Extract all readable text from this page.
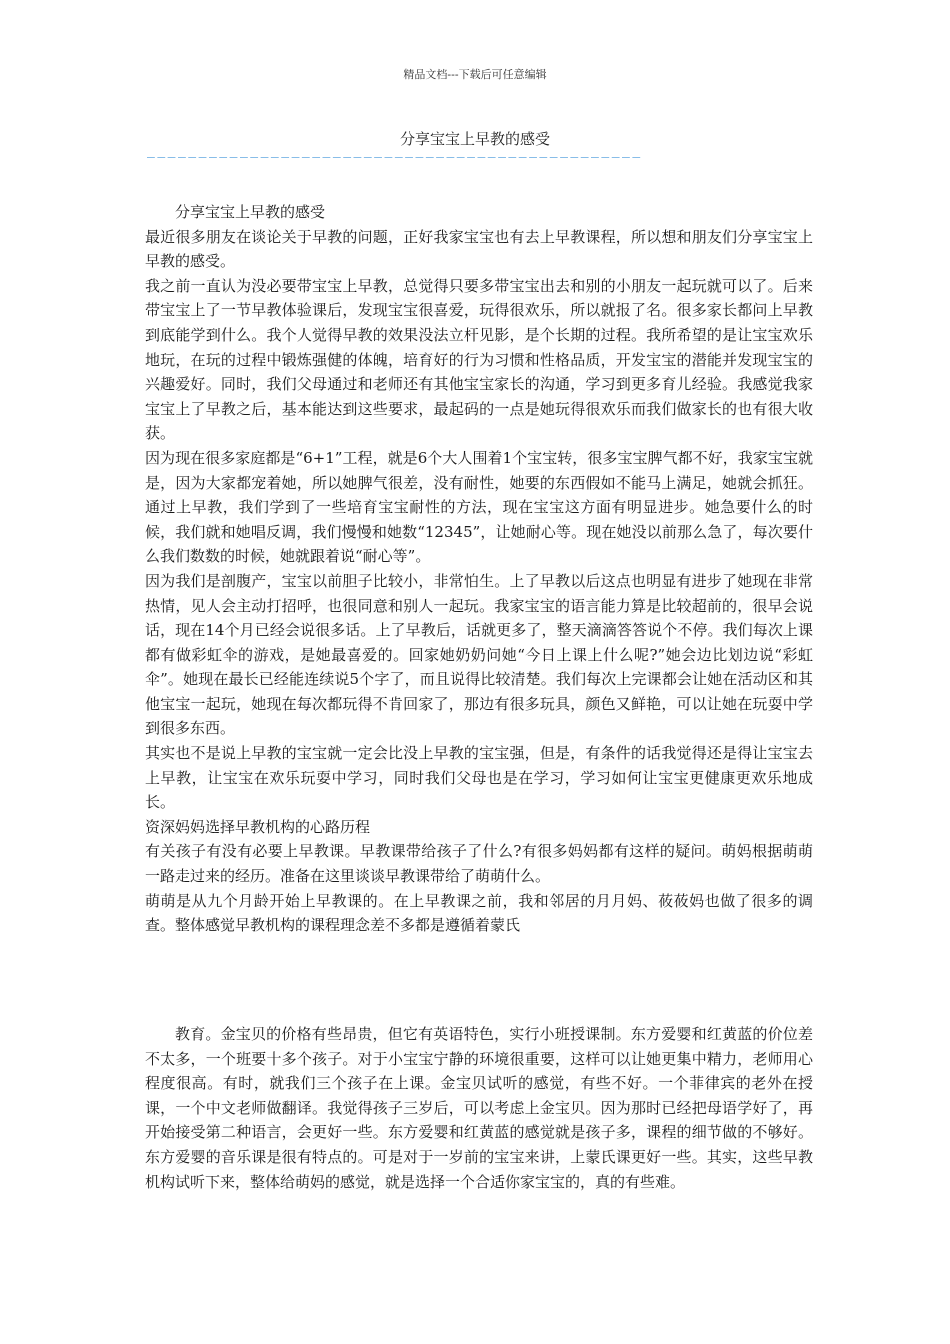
精品文档---下载后可任意编辑
分享宝宝上早教的感受
————————————————————————————————————————————————

分享宝宝上早教的感受

最近很多朋友在谈论关于早教的问题，正好我家宝宝也有去上早教课程，所以想和朋友们分享宝宝上早教的感受。

我之前一直认为没必要带宝宝上早教，总觉得只要多带宝宝出去和别的小朋友一起玩就可以了。后来带宝宝上了一节早教体验课后，发现宝宝很喜爱，玩得很欢乐，所以就报了名。很多家长都问上早教到底能学到什么。我个人觉得早教的效果没法立杆见影，是个长期的过程。我所希望的是让宝宝欢乐地玩，在玩的过程中锻炼强健的体魄，培育好的行为习惯和性格品质，开发宝宝的潜能并发现宝宝的兴趣爱好。同时，我们父母通过和老师还有其他宝宝家长的沟通，学习到更多育儿经验。我感觉我家宝宝上了早教之后，基本能达到这些要求，最起码的一点是她玩得很欢乐而我们做家长的也有很大收获。

因为现在很多家庭都是“6+1”工程，就是6个大人围着1个宝宝转，很多宝宝脾气都不好，我家宝宝就是，因为大家都宠着她，所以她脾气很差，没有耐性，她要的东西假如不能马上满足，她就会抓狂。通过上早教，我们学到了一些培育宝宝耐性的方法，现在宝宝这方面有明显进步。她急要什么的时候，我们就和她唱反调，我们慢慢和她数“12345”，让她耐心等。现在她没以前那么急了，每次要什么我们数数的时候，她就跟着说“耐心等”。

因为我们是剖腹产，宝宝以前胆子比较小，非常怕生。上了早教以后这点也明显有进步了她现在非常热情，见人会主动打招呼，也很同意和别人一起玩。我家宝宝的语言能力算是比较超前的，很早会说话，现在14个月已经会说很多话。上了早教后，话就更多了，整天滴滴答答说个不停。我们每次上课都有做彩虹伞的游戏，是她最喜爱的。回家她奶奶问她“今日上课上什么呢?”她会边比划边说“彩虹伞”。她现在最长已经能连续说5个字了，而且说得比较清楚。我们每次上完课都会让她在活动区和其他宝宝一起玩，她现在每次都玩得不肯回家了，那边有很多玩具，颜色又鲜艳，可以让她在玩耍中学到很多东西。

其实也不是说上早教的宝宝就一定会比没上早教的宝宝强，但是，有条件的话我觉得还是得让宝宝去上早教，让宝宝在欢乐玩耍中学习，同时我们父母也是在学习，学习如何让宝宝更健康更欢乐地成长。

资深妈妈选择早教机构的心路历程

有关孩子有没有必要上早教课。早教课带给孩子了什么?有很多妈妈都有这样的疑问。萌妈根据萌萌一路走过来的经历。准备在这里谈谈早教课带给了萌萌什么。

萌萌是从九个月龄开始上早教课的。在上早教课之前，我和邻居的月月妈、莜莜妈也做了很多的调查。整体感觉早教机构的课程理念差不多都是遵循着蒙氏

教育。金宝贝的价格有些昂贵，但它有英语特色，实行小班授课制。东方爱婴和红黄蓝的价位差不太多，一个班要十多个孩子。对于小宝宝宁静的环境很重要，这样可以让她更集中精力，老师用心程度很高。有时，就我们三个孩子在上课。金宝贝试听的感觉，有些不好。一个菲律宾的老外在授课，一个中文老师做翻译。我觉得孩子三岁后，可以考虑上金宝贝。因为那时已经把母语学好了，再开始接受第二种语言，会更好一些。东方爱婴和红黄蓝的感觉就是孩子多，课程的细节做的不够好。东方爱婴的音乐课是很有特点的。可是对于一岁前的宝宝来讲，上蒙氏课更好一些。其实，这些早教机构试听下来，整体给萌妈的感觉，就是选择一个合适你家宝宝的，真的有些难。
